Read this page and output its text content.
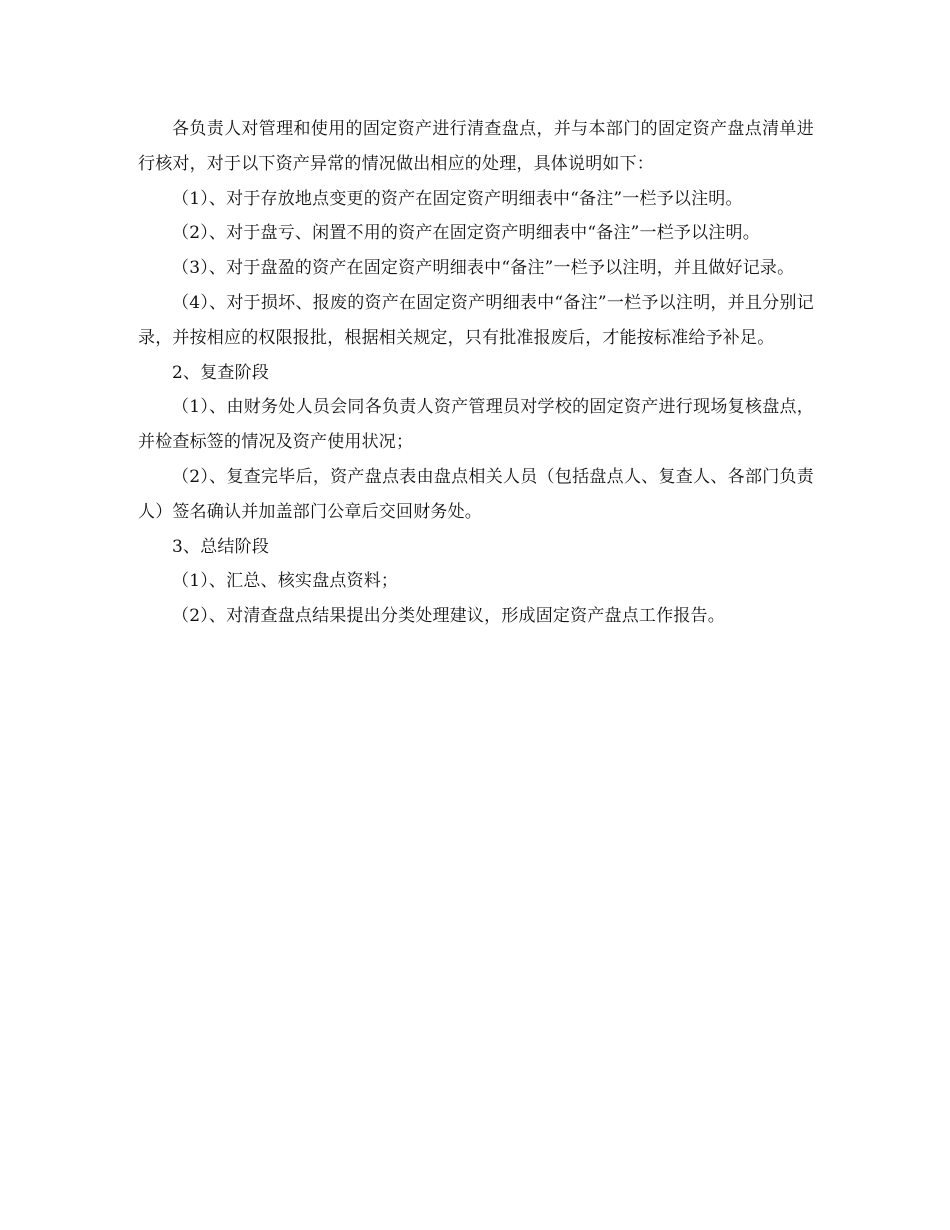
各负责人对管理和使用的固定资产进行清查盘点，并与本部门的固定资产盘点清单进行核对，对于以下资产异常的情况做出相应的处理，具体说明如下：

（1）、对于存放地点变更的资产在固定资产明细表中“备注”一栏予以注明。

（2）、对于盘亏、闲置不用的资产在固定资产明细表中“备注”一栏予以注明。

（3）、对于盘盈的资产在固定资产明细表中“备注”一栏予以注明，并且做好记录。

（4）、对于损坏、报废的资产在固定资产明细表中“备注”一栏予以注明，并且分别记录，并按相应的权限报批，根据相关规定，只有批准报废后，才能按标准给予补足。

2、复查阶段

（1）、由财务处人员会同各负责人资产管理员对学校的固定资产进行现场复核盘点，并检查标签的情况及资产使用状况；

（2）、复查完毕后，资产盘点表由盘点相关人员（包括盘点人、复查人、各部门负责人）签名确认并加盖部门公章后交回财务处。

3、总结阶段

（1）、汇总、核实盘点资料；

（2）、对清查盘点结果提出分类处理建议，形成固定资产盘点工作报告。
